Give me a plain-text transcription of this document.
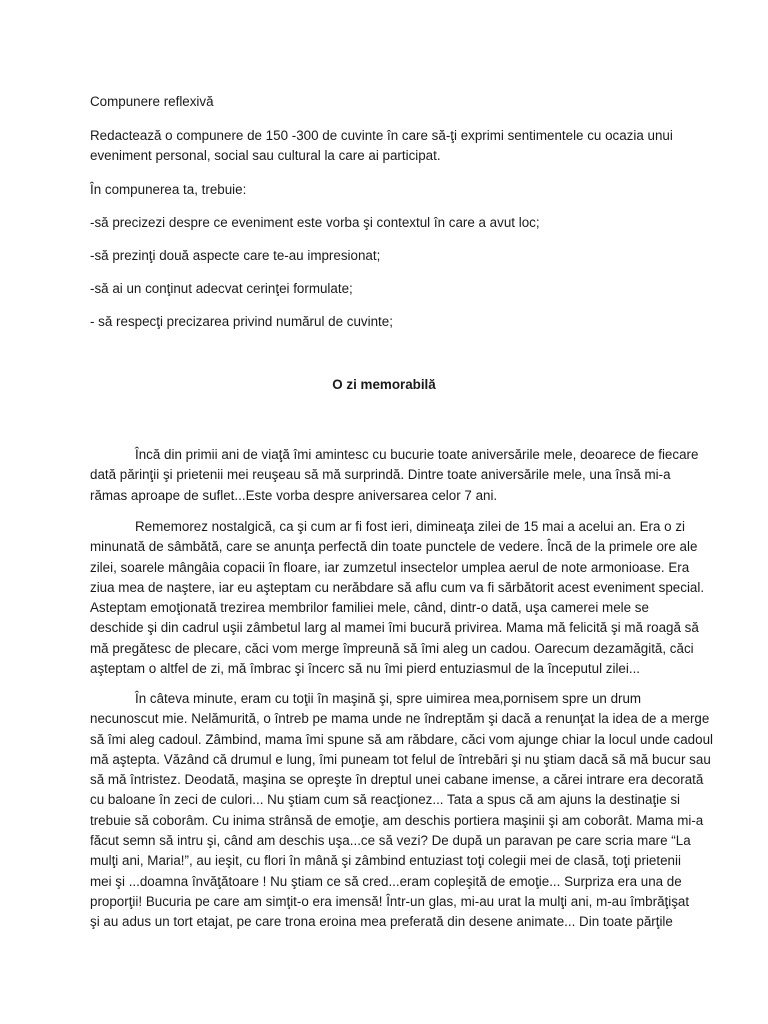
Compunere reflexivă

Redactează o compunere de 150 -300 de cuvinte în care să-ţi exprimi sentimentele cu ocazia unui
eveniment personal, social sau cultural la care ai participat.

În compunerea ta, trebuie:

-să precizezi despre ce eveniment este vorba şi contextul în care a avut loc;

-să prezinţi două aspecte care te-au impresionat;

-să ai un conţinut adecvat cerinţei formulate;

- să respecţi precizarea privind numărul de cuvinte;

O zi memorabilă

Încă din primii ani de viaţă îmi amintesc cu bucurie toate aniversările mele, deoarece de fiecare
dată părinţii şi prietenii mei reuşeau să mă surprindă. Dintre toate aniversările mele, una însă mi-a
rămas aproape de suflet...Este vorba despre aniversarea celor 7 ani.

Rememorez nostalgică, ca şi cum ar fi fost ieri, dimineaţa zilei de 15 mai a acelui an. Era o zi
minunată de sâmbătă, care se anunţa perfectă din toate punctele de vedere. Încă de la primele ore ale
zilei, soarele mângâia copacii în floare, iar zumzetul insectelor umplea aerul de note armonioase. Era
ziua mea de naştere, iar eu aşteptam cu nerăbdare să aflu cum va fi sărbătorit acest eveniment special.
Asteptam emoţionată trezirea membrilor familiei mele, când, dintr-o dată, uşa camerei mele se
deschide şi din cadrul uşii zâmbetul larg al mamei îmi bucură privirea. Mama mă felicită şi mă roagă să
mă pregătesc de plecare, căci vom merge împreună să îmi aleg un cadou. Oarecum dezamăgită, căci
aşteptam o altfel de zi, mă îmbrac şi încerc să nu îmi pierd entuziasmul de la începutul zilei...

În câteva minute, eram cu toţii în maşină şi, spre uimirea mea,pornisem spre un drum
necunoscut mie. Nelămurită, o întreb pe mama unde ne îndreptăm şi dacă a renunţat la idea de a merge
să îmi aleg cadoul. Zâmbind, mama îmi spune să am răbdare, căci vom ajunge chiar la locul unde cadoul
mă aştepta. Văzând că drumul e lung, îmi puneam tot felul de întrebări şi nu ştiam dacă să mă bucur sau
să mă întristez. Deodată, maşina se opreşte în dreptul unei cabane imense, a cărei intrare era decorată
cu baloane în zeci de culori... Nu ştiam cum să reacţionez... Tata a spus că am ajuns la destinaţie si
trebuie să coborâm. Cu inima strânsă de emoţie, am deschis portiera maşinii şi am coborât. Mama mi-a
făcut semn să intru şi, când am deschis uşa...ce să vezi? De după un paravan pe care scria mare “La
mulţi ani, Maria!”, au ieşit, cu flori în mână şi zâmbind entuziast toţi colegii mei de clasă, toţi prietenii
mei şi ...doamna învăţătoare ! Nu ştiam ce să cred...eram copleşită de emoţie... Surpriza era una de
proporţii! Bucuria pe care am simţit-o era imensă! Într-un glas, mi-au urat la mulţi ani, m-au îmbrăţişat
şi au adus un tort etajat, pe care trona eroina mea preferată din desene animate... Din toate părţile
